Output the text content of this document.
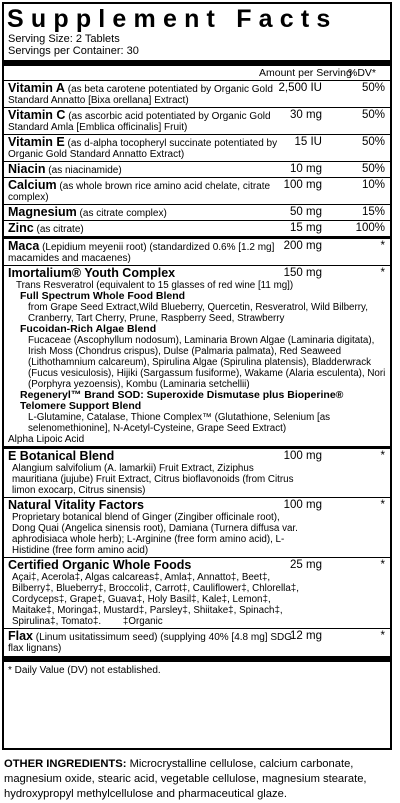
Supplement Facts
Serving Size: 2 Tablets
Servings per Container: 30
Amount per Serving
%DV*
Vitamin A (as beta carotene potentiated by Organic Gold Standard Annatto [Bixa orellana] Extract)
2,500 IU	50%
Vitamin C (as ascorbic acid potentiated by Organic Gold Standard Amla [Emblica officinalis] Fruit)
30 mg	50%
Vitamin E (as d-alpha tocopheryl succinate potentiated by Organic Gold Standard Annatto Extract)
15 IU	50%
Niacin (as niacinamide)	10 mg	50%
Calcium (as whole brown rice amino acid chelate, citrate complex)
100 mg	10%
Magnesium (as citrate complex)	50 mg	15%
Zinc (as citrate)	15 mg	100%
Maca (Lepidium meyenii root) (standardized 0.6% [1.2 mg] macamides and macaenes)
200 mg	*
Imortalium® Youth Complex	150 mg	*
Trans Resveratrol (equivalent to 15 glasses of red wine [11 mg])
Full Spectrum Whole Food Blend
from Grape Seed Extract,Wild Blueberry, Quercetin, Resveratrol, Wild Bilberry, Cranberry, Tart Cherry, Prune, Raspberry Seed, Strawberry
Fucoidan-Rich Algae Blend
Fucaceae (Ascophyllum nodosum), Laminaria Brown Algae (Laminaria digitata), Irish Moss (Chondrus crispus), Dulse (Palmaria palmata), Red Seaweed (Lithothamnium calcareum), Spirulina Algae (Spirulina platensis), Bladderwrack (Fucus vesiculosis), Hijiki (Sargassum fusiforme), Wakame (Alaria esculenta), Nori (Porphyra yezoensis), Kombu (Laminaria setchellii)
Regeneryl™ Brand SOD: Superoxide Dismutase plus Bioperine®
Telomere Support Blend
L-Glutamine, Catalase, Thione Complex™ (Glutathione, Selenium [as selenomethionine], N-Acetyl-Cysteine, Grape Seed Extract)
Alpha Lipoic Acid
E Botanical Blend	100 mg	*
Alangium salvifolium (A. lamarkii) Fruit Extract, Ziziphus mauritiana (jujube) Fruit Extract, Citrus bioflavonoids (from Citrus limon exocarp, Citrus sinensis)
Natural Vitality Factors	100 mg	*
Proprietary botanical blend of Ginger (Zingiber officinale root), Dong Quai (Angelica sinensis root), Damiana (Turnera diffusa var. aphrodisiaca whole herb); L-Arginine (free form amino acid), L-Histidine (free form amino acid)
Certified Organic Whole Foods	25 mg	*
Açai‡, Acerola‡, Algas calcareas‡, Amla‡, Annatto‡, Beet‡, Bilberry‡, Blueberry‡, Broccoli‡, Carrot‡, Cauliflower‡, Chlorella‡, Cordyceps‡, Grape‡, Guava‡, Holy Basil‡, Kale‡, Lemon‡, Maitake‡, Moringa‡, Mustard‡, Parsley‡, Shiitake‡, Spinach‡, Spirulina‡, Tomato‡.        ‡Organic
Flax (Linum usitatissimum seed) (supplying 40% [4.8 mg] SDG flax lignans)
12 mg	*
* Daily Value (DV) not established.
OTHER INGREDIENTS: Microcrystalline cellulose, calcium carbonate, magnesium oxide, stearic acid, vegetable cellulose, magnesium stearate, hydroxypropyl methylcellulose and pharmaceutical glaze.
